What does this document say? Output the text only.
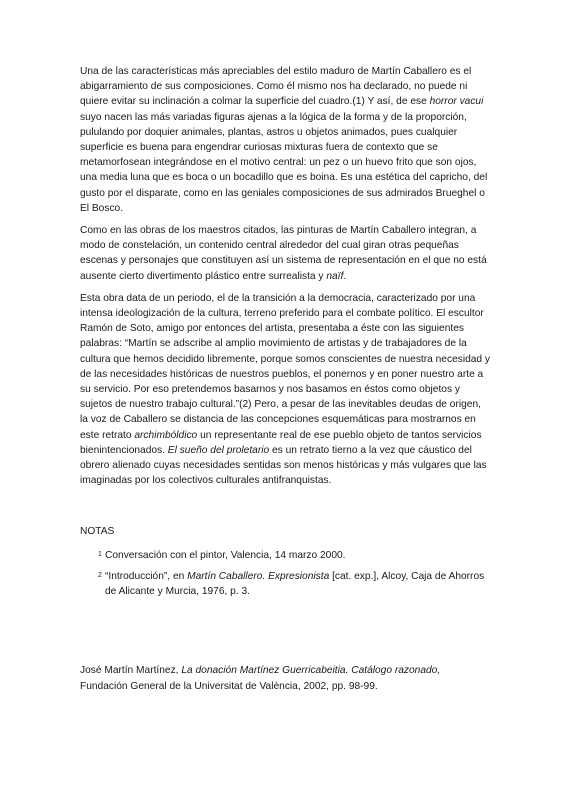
Una de las características más apreciables del estilo maduro de Martín Caballero es el abigarramiento de sus composiciones. Como él mismo nos ha declarado, no puede ni quiere evitar su inclinación a colmar la superficie del cuadro.(1) Y así, de ese horror vacui suyo nacen las más variadas figuras ajenas a la lógica de la forma y de la proporción, pululando por doquier animales, plantas, astros u objetos animados, pues cualquier superficie es buena para engendrar curiosas mixturas fuera de contexto que se metamorfosean integrándose en el motivo central: un pez o un huevo frito que son ojos, una media luna que es boca o un bocadillo que es boina. Es una estética del capricho, del gusto por el disparate, como en las geniales composiciones de sus admirados Brueghel o El Bosco.

Como en las obras de los maestros citados, las pinturas de Martín Caballero integran, a modo de constelación, un contenido central alrededor del cual giran otras pequeñas escenas y personajes que constituyen así un sistema de representación en el que no está ausente cierto divertimento plástico entre surrealista y naïf.

Esta obra data de un periodo, el de la transición a la democracia, caracterizado por una intensa ideologización de la cultura, terreno preferido para el combate político. El escultor Ramón de Soto, amigo por entonces del artista, presentaba a éste con las siguientes palabras: “Martín se adscribe al amplio movimiento de artistas y de trabajadores de la cultura que hemos decidido libremente, porque somos conscientes de nuestra necesidad y de las necesidades históricas de nuestros pueblos, el ponernos y en poner nuestro arte a su servicio. Por eso pretendemos basarnos y nos basamos en éstos como objetos y sujetos de nuestro trabajo cultural.”(2) Pero, a pesar de las inevitables deudas de origen, la voz de Caballero se distancia de las concepciones esquemáticas para mostrarnos en este retrato archimbóldico un representante real de ese pueblo objeto de tantos servicios bienintencionados. El sueño del proletario es un retrato tierno a la vez que cáustico del obrero alienado cuyas necesidades sentidas son menos históricas y más vulgares que las imaginadas por los colectivos culturales antifranquistas.

NOTAS
1 Conversación con el pintor, Valencia, 14 marzo 2000.
2 “Introducción”, en Martín Caballero. Expresionista [cat. exp.], Alcoy, Caja de Ahorros de Alicante y Murcia, 1976, p. 3.

José Martín Martínez, La donación Martínez Guerricabeitia. Catálogo razonado, Fundación General de la Universitat de València, 2002, pp. 98-99.
